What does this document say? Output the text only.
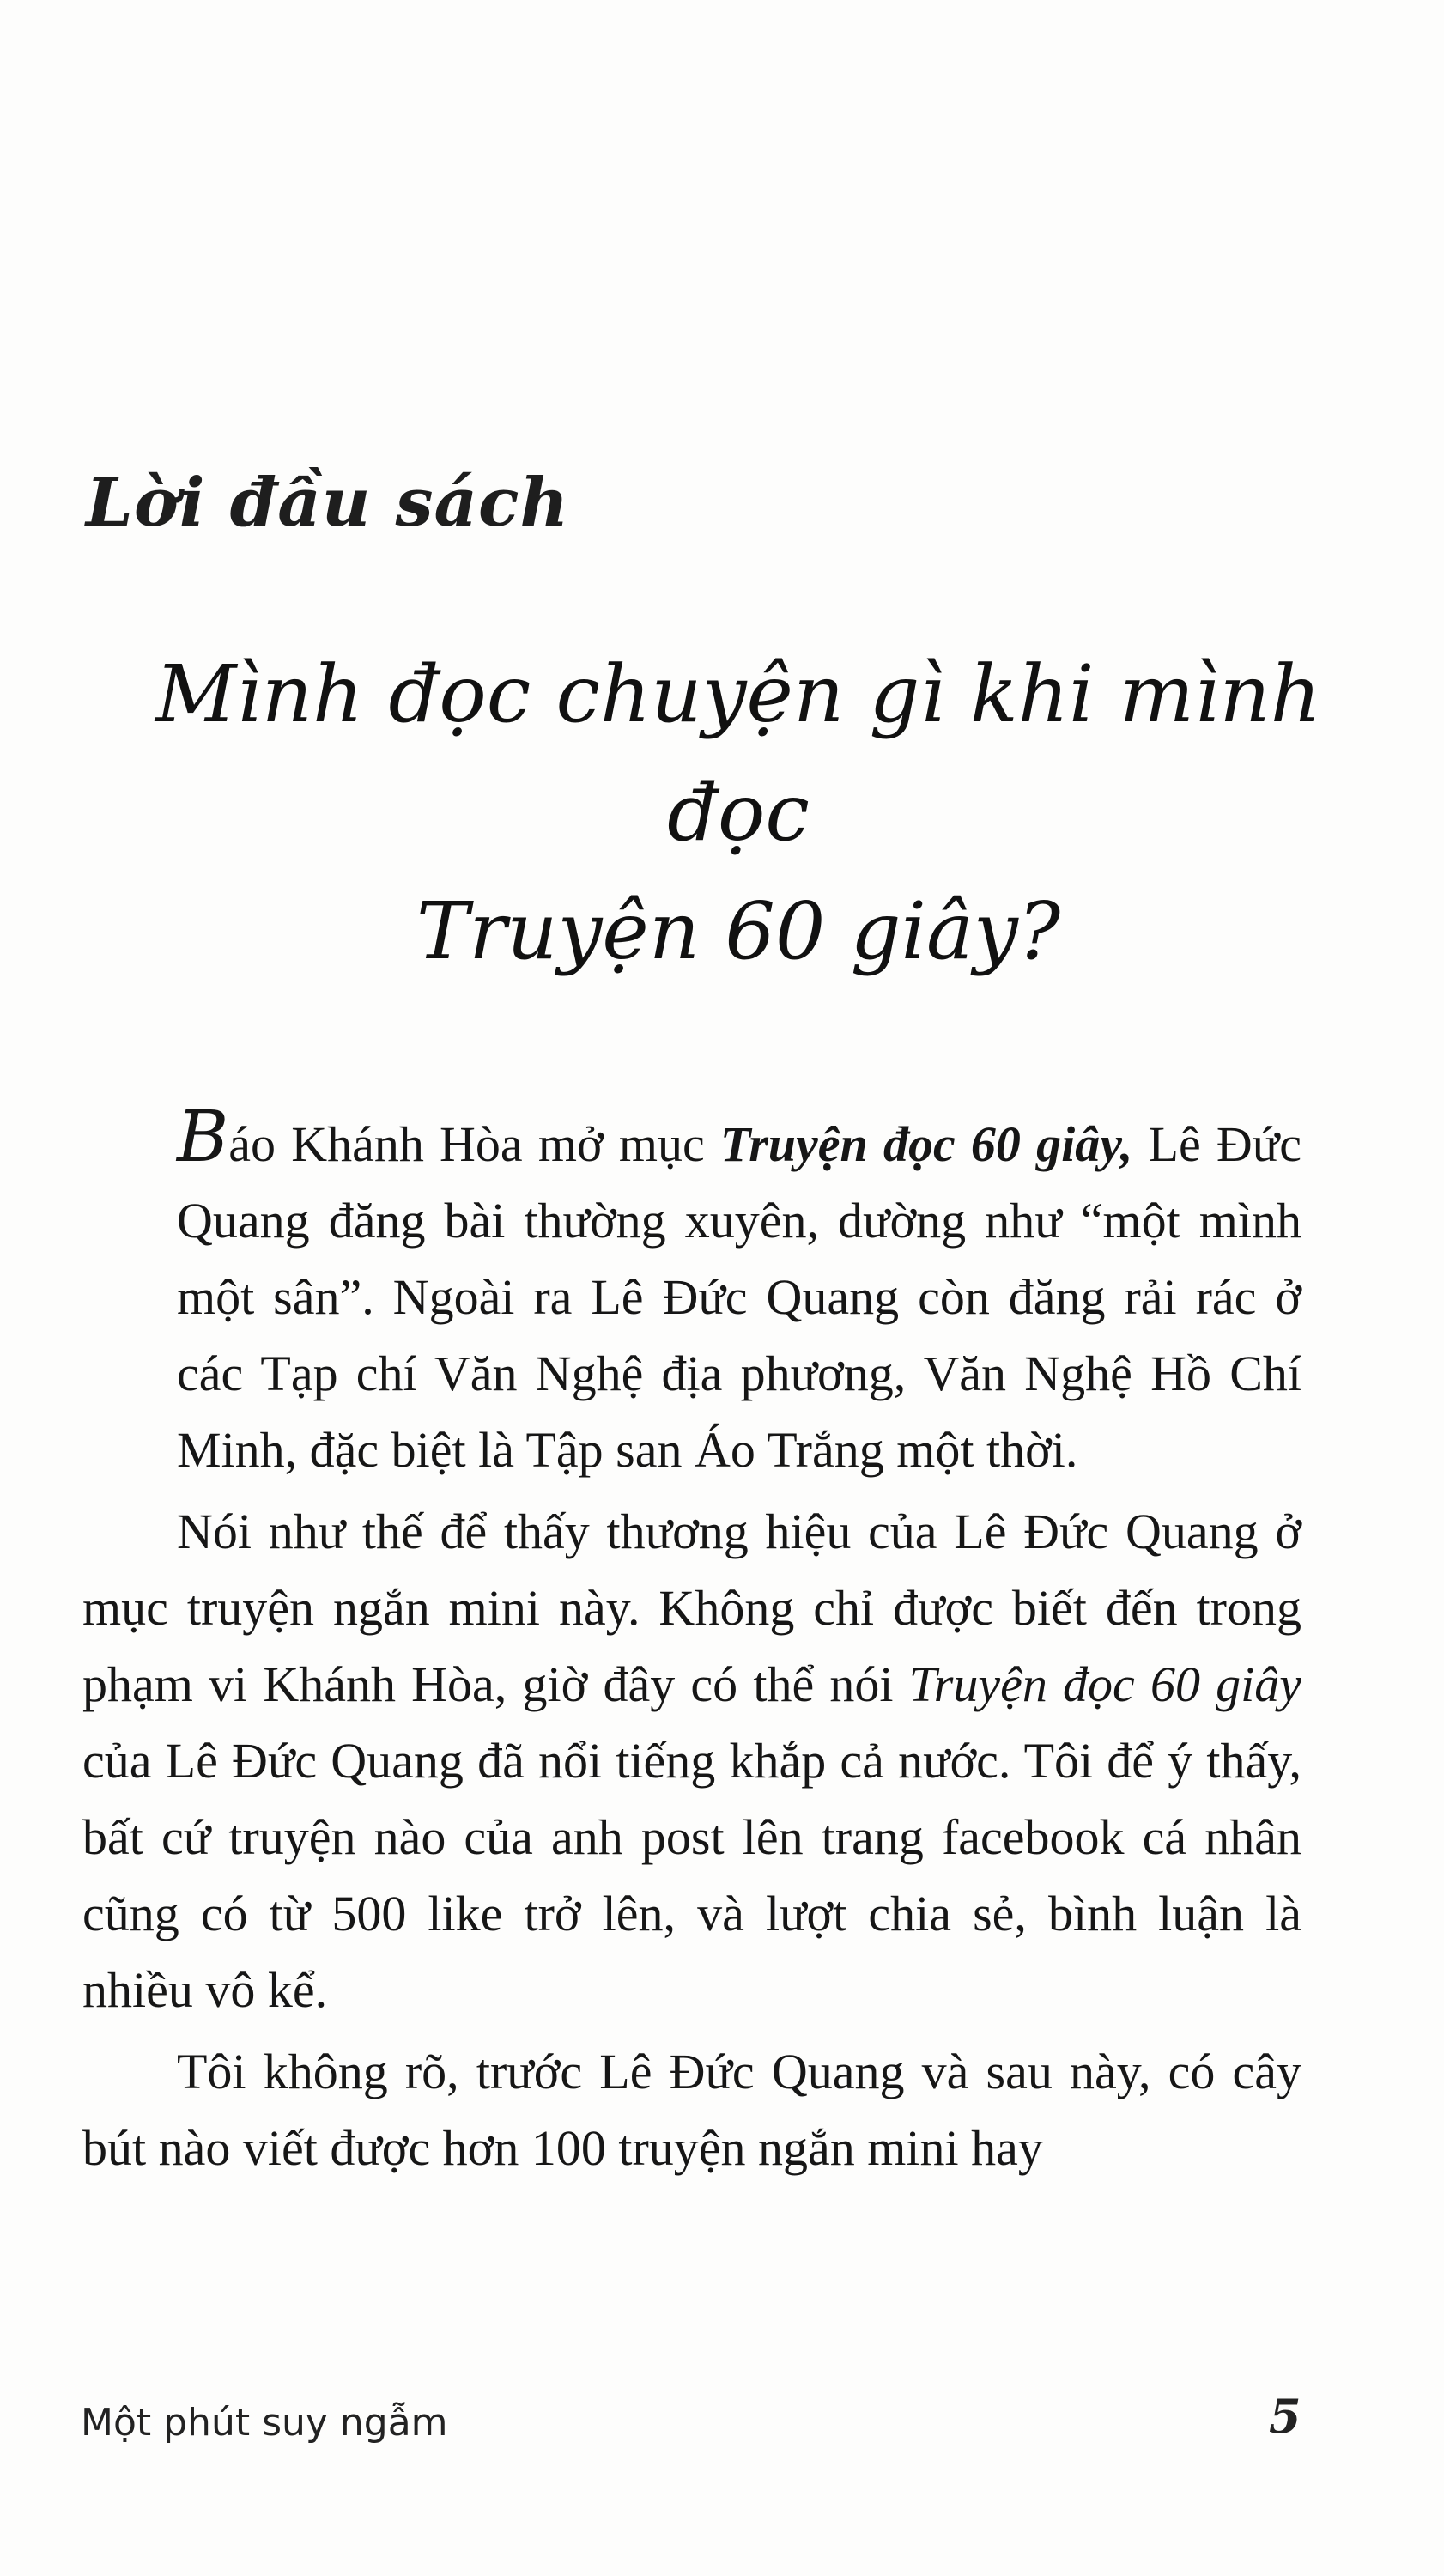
Lời đầu sách
Mình đọc chuyện gì khi mình đọc
Truyện 60 giây?

Báo Khánh Hòa mở mục Truyện đọc 60 giây, Lê Đức Quang đăng bài thường xuyên, dường như “một mình một sân”. Ngoài ra Lê Đức Quang còn đăng rải rác ở các Tạp chí Văn Nghệ địa phương, Văn Nghệ Hồ Chí Minh, đặc biệt là Tập san Áo Trắng một thời.

Nói như thế để thấy thương hiệu của Lê Đức Quang ở mục truyện ngắn mini này. Không chỉ được biết đến trong phạm vi Khánh Hòa, giờ đây có thể nói Truyện đọc 60 giây của Lê Đức Quang đã nổi tiếng khắp cả nước. Tôi để ý thấy, bất cứ truyện nào của anh post lên trang facebook cá nhân cũng có từ 500 like trở lên, và lượt chia sẻ, bình luận là nhiều vô kể.

Tôi không rõ, trước Lê Đức Quang và sau này, có cây bút nào viết được hơn 100 truyện ngắn mini hay

Một phút suy ngẫm	5
